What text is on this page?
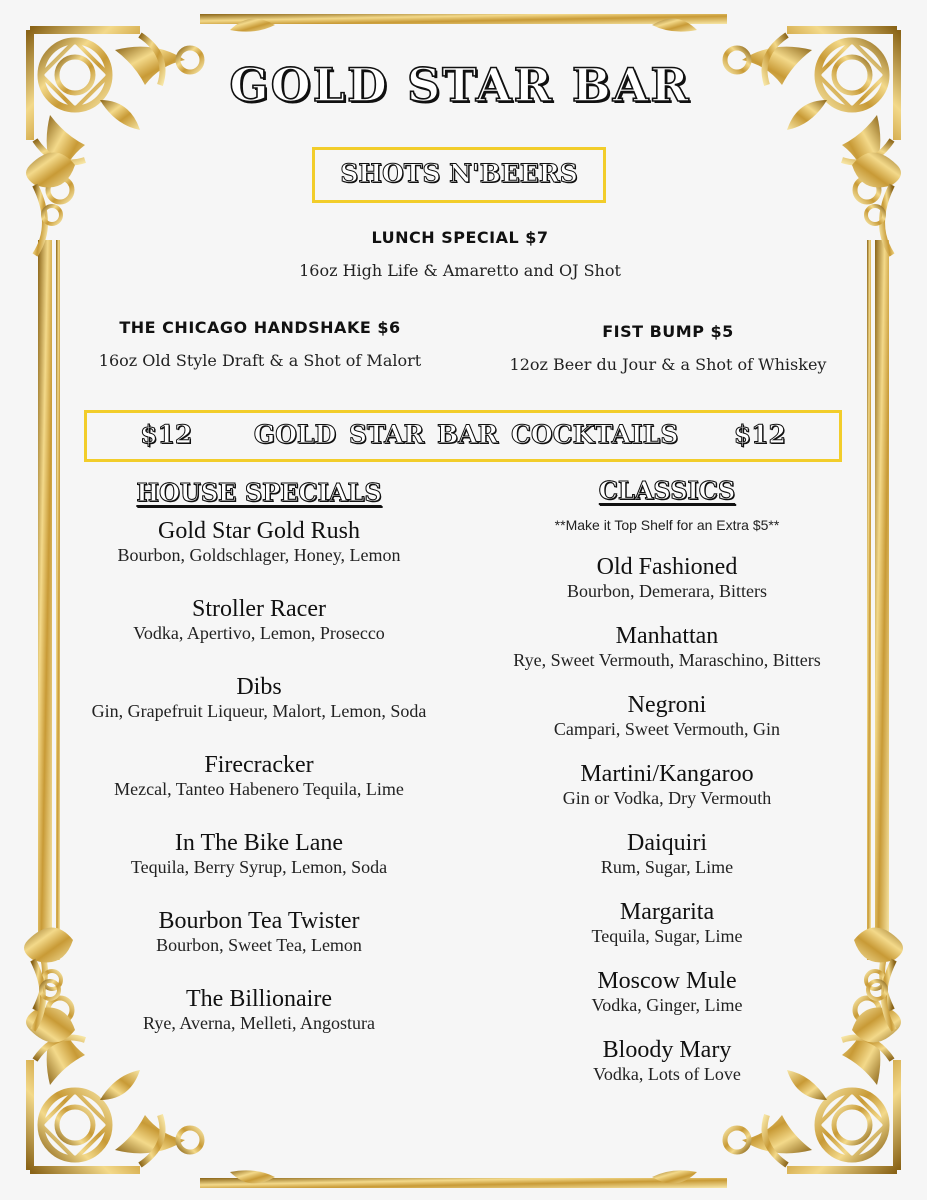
GOLD STAR BAR
SHOTS N'BEERS
LUNCH SPECIAL $7
16oz High Life & Amaretto and OJ Shot
THE CHICAGO HANDSHAKE $6
16oz Old Style Draft & a Shot of Malort
FIST BUMP $5
12oz Beer du Jour & a Shot of Whiskey
$12 GOLD STAR BAR COCKTAILS $12
HOUSE SPECIALS
Gold Star Gold Rush
Bourbon, Goldschlager, Honey, Lemon
Stroller Racer
Vodka, Apertivo, Lemon, Prosecco
Dibs
Gin, Grapefruit Liqueur, Malort, Lemon, Soda
Firecracker
Mezcal, Tanteo Habenero Tequila, Lime
In The Bike Lane
Tequila, Berry Syrup, Lemon, Soda
Bourbon Tea Twister
Bourbon, Sweet Tea, Lemon
The Billionaire
Rye, Averna, Melleti, Angostura
CLASSICS
**Make it Top Shelf for an Extra $5**
Old Fashioned
Bourbon, Demerara, Bitters
Manhattan
Rye, Sweet Vermouth, Maraschino, Bitters
Negroni
Campari, Sweet Vermouth, Gin
Martini/Kangaroo
Gin or Vodka, Dry Vermouth
Daiquiri
Rum, Sugar, Lime
Margarita
Tequila, Sugar, Lime
Moscow Mule
Vodka, Ginger, Lime
Bloody Mary
Vodka, Lots of Love
